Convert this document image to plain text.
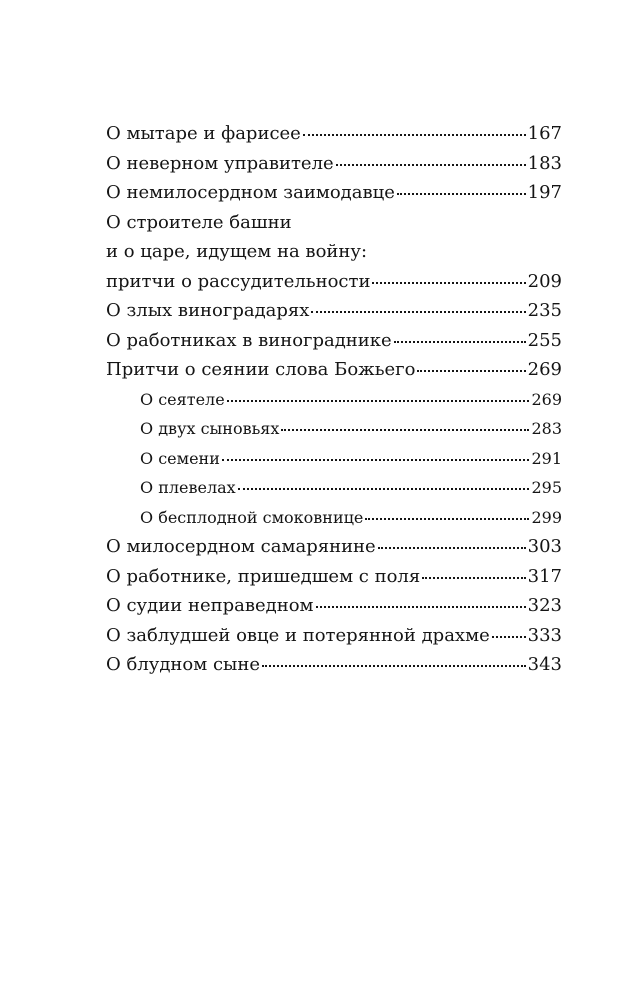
О мытаре и фарисее	167
О неверном управителе	183
О немилосердном заимодавце	197
О строителе башни
и о царе, идущем на войну:
притчи о рассудительности	209
О злых виноградарях	235
О работниках в винограднике	255
Притчи о сеянии слова Божьего	269
О сеятеле	269
О двух сыновьях	283
О семени	291
О плевелах	295
О бесплодной смоковнице	299
О милосердном самарянине	303
О работнике, пришедшем с поля	317
О судии неправедном	323
О заблудшей овце и потерянной драхме 333
О блудном сыне	343
